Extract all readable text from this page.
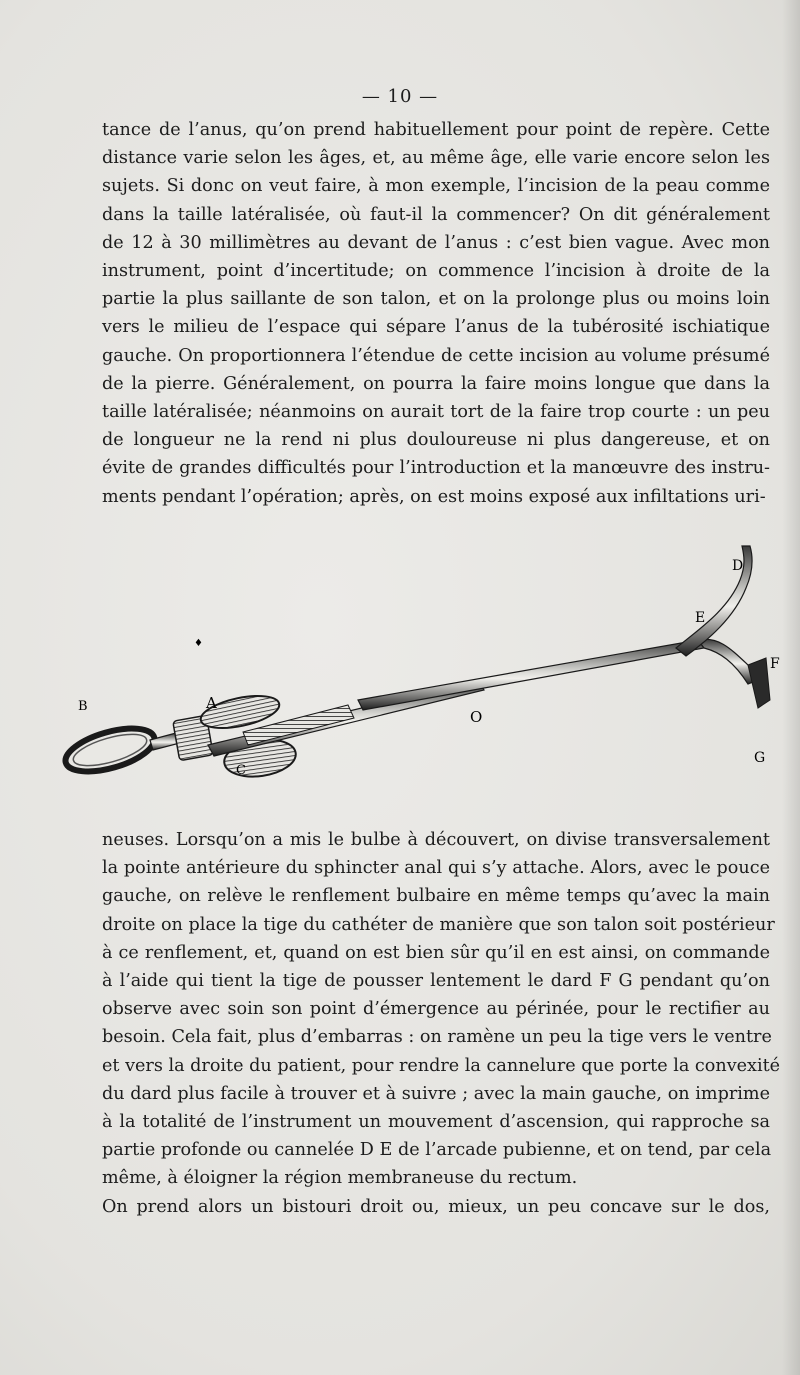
— 10 —

tance de l’anus, qu’on prend habituellement pour point de repère. Cette
distance varie selon les âges, et, au même âge, elle varie encore selon les
sujets. Si donc on veut faire, à mon exemple, l’incision de la peau comme
dans la taille latéralisée, où faut-il la commencer? On dit généralement
de 12 à 30 millimètres au devant de l’anus : c’est bien vague. Avec mon
instrument, point d’incertitude; on commence l’incision à droite de la
partie la plus saillante de son talon, et on la prolonge plus ou moins loin
vers le milieu de l’espace qui sépare l’anus de la tubérosité ischiatique
gauche. On proportionnera l’étendue de cette incision au volume présumé
de la pierre. Généralement, on pourra la faire moins longue que dans la
taille latéralisée; néanmoins on aurait tort de la faire trop courte : un peu
de longueur ne la rend ni plus douloureuse ni plus dangereuse, et on
évite de grandes difficultés pour l’introduction et la manœuvre des instru-
ments pendant l’opération; après, on est moins exposé aux infiltations uri-

D
E
F
G
A
B
C
O
♦

neuses. Lorsqu’on a mis le bulbe à découvert, on divise transversalement
la pointe antérieure du sphincter anal qui s’y attache. Alors, avec le pouce
gauche, on relève le renflement bulbaire en même temps qu’avec la main
droite on place la tige du cathéter de manière que son talon soit postérieur
à ce renflement, et, quand on est bien sûr qu’il en est ainsi, on commande
à l’aide qui tient la tige de pousser lentement le dard F G pendant qu’on
observe avec soin son point d’émergence au périnée, pour le rectifier au
besoin. Cela fait, plus d’embarras : on ramène un peu la tige vers le ventre
et vers la droite du patient, pour rendre la cannelure que porte la convexité
du dard plus facile à trouver et à suivre ; avec la main gauche, on imprime
à la totalité de l’instrument un mouvement d’ascension, qui rapproche sa
partie profonde ou cannelée D E de l’arcade pubienne, et on tend, par cela
même, à éloigner la région membraneuse du rectum.
On prend alors un bistouri droit ou, mieux, un peu concave sur le dos,
